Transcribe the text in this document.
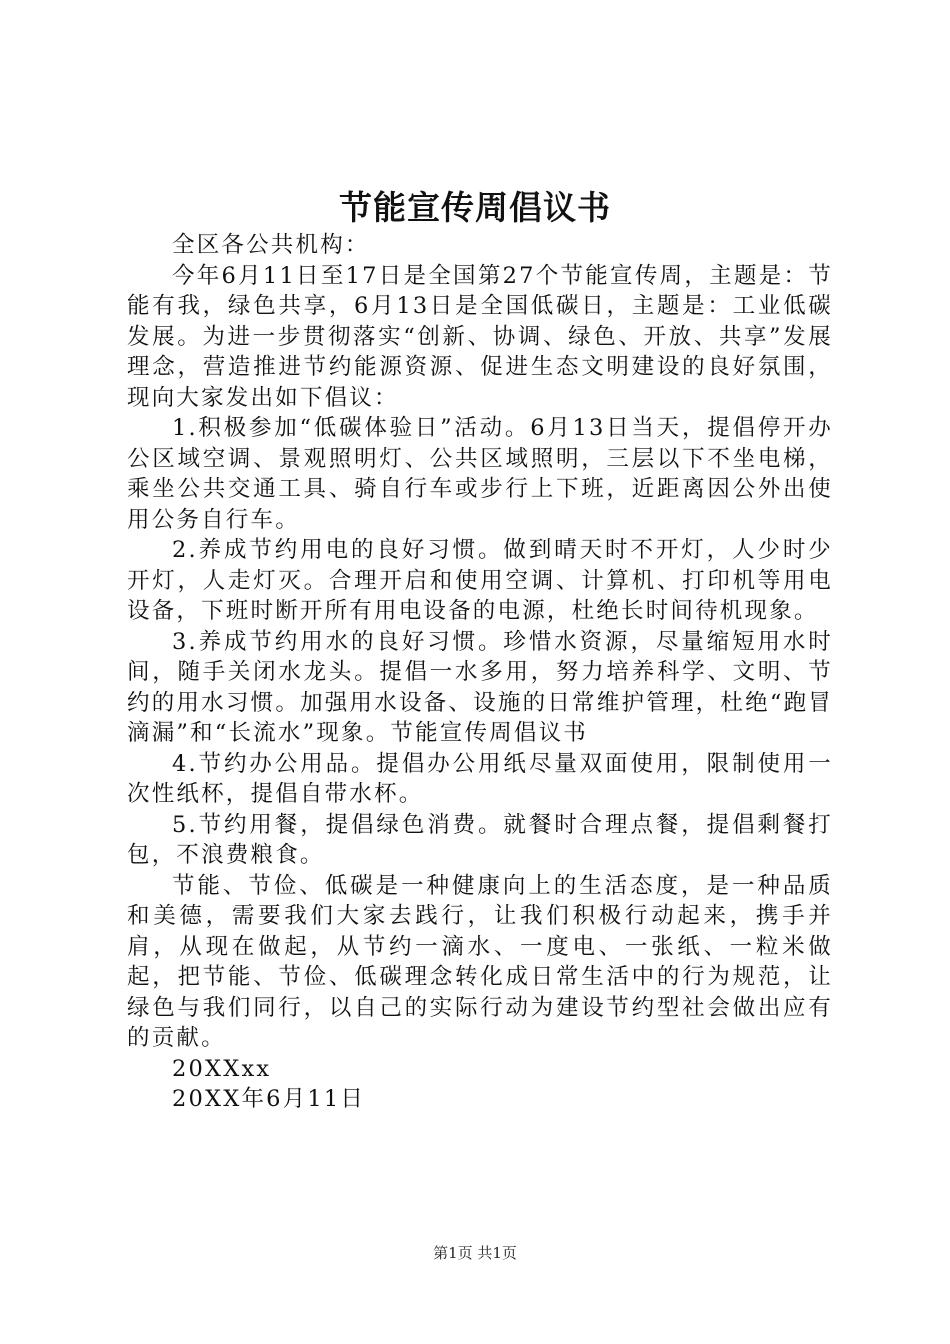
节能宣传周倡议书

全区各公共机构：

今年6月11日至17日是全国第27个节能宣传周，主题是：节能有我，绿色共享，6月13日是全国低碳日，主题是：工业低碳发展。为进一步贯彻落实“创新、协调、绿色、开放、共享”发展理念，营造推进节约能源资源、促进生态文明建设的良好氛围，现向大家发出如下倡议：

1.积极参加“低碳体验日”活动。6月13日当天，提倡停开办公区域空调、景观照明灯、公共区域照明，三层以下不坐电梯，乘坐公共交通工具、骑自行车或步行上下班，近距离因公外出使用公务自行车。

2.养成节约用电的良好习惯。做到晴天时不开灯，人少时少开灯，人走灯灭。合理开启和使用空调、计算机、打印机等用电设备，下班时断开所有用电设备的电源，杜绝长时间待机现象。

3.养成节约用水的良好习惯。珍惜水资源，尽量缩短用水时间，随手关闭水龙头。提倡一水多用，努力培养科学、文明、节约的用水习惯。加强用水设备、设施的日常维护管理，杜绝“跑冒滴漏”和“长流水”现象。节能宣传周倡议书

4.节约办公用品。提倡办公用纸尽量双面使用，限制使用一次性纸杯，提倡自带水杯。

5.节约用餐，提倡绿色消费。就餐时合理点餐，提倡剩餐打包，不浪费粮食。

节能、节俭、低碳是一种健康向上的生活态度，是一种品质和美德，需要我们大家去践行，让我们积极行动起来，携手并肩，从现在做起，从节约一滴水、一度电、一张纸、一粒米做起，把节能、节俭、低碳理念转化成日常生活中的行为规范，让绿色与我们同行，以自己的实际行动为建设节约型社会做出应有的贡献。

20XXxx

20XX年6月11日

第1页 共1页
